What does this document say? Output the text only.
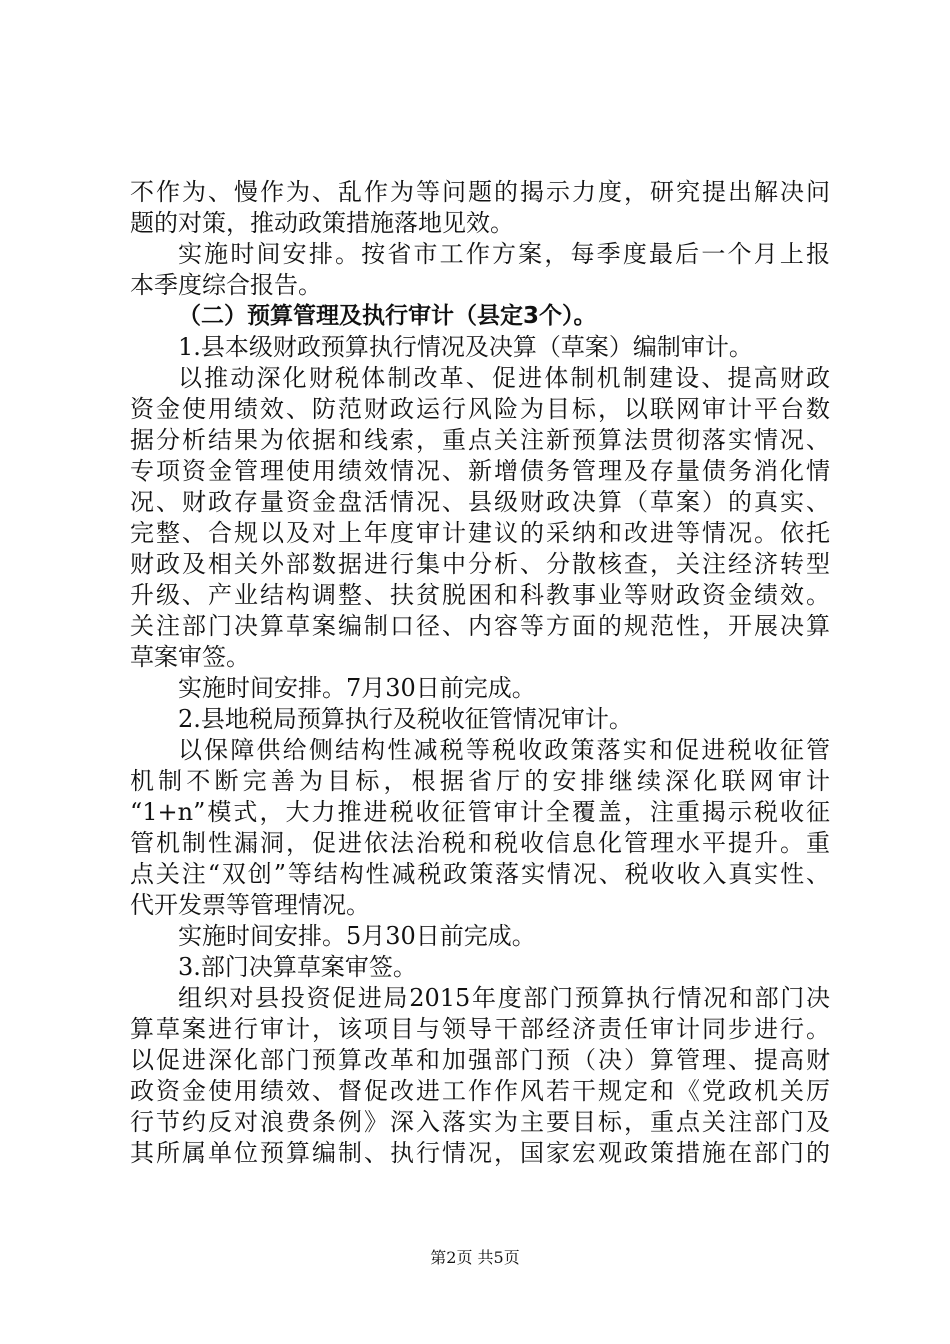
不作为、慢作为、乱作为等问题的揭示力度，研究提出解决问
题的对策，推动政策措施落地见效。
实施时间安排。按省市工作方案，每季度最后一个月上报
本季度综合报告。
（二）预算管理及执行审计（县定3个）。
1.县本级财政预算执行情况及决算（草案）编制审计。
以推动深化财税体制改革、促进体制机制建设、提高财政
资金使用绩效、防范财政运行风险为目标，以联网审计平台数
据分析结果为依据和线索，重点关注新预算法贯彻落实情况、
专项资金管理使用绩效情况、新增债务管理及存量债务消化情
况、财政存量资金盘活情况、县级财政决算（草案）的真实、
完整、合规以及对上年度审计建议的采纳和改进等情况。依托
财政及相关外部数据进行集中分析、分散核查，关注经济转型
升级、产业结构调整、扶贫脱困和科教事业等财政资金绩效。
关注部门决算草案编制口径、内容等方面的规范性，开展决算
草案审签。
实施时间安排。7月30日前完成。
2.县地税局预算执行及税收征管情况审计。
以保障供给侧结构性减税等税收政策落实和促进税收征管
机制不断完善为目标，根据省厅的安排继续深化联网审计
“1+n”模式，大力推进税收征管审计全覆盖，注重揭示税收征
管机制性漏洞，促进依法治税和税收信息化管理水平提升。重
点关注“双创”等结构性减税政策落实情况、税收收入真实性、
代开发票等管理情况。
实施时间安排。5月30日前完成。
3.部门决算草案审签。
组织对县投资促进局2015年度部门预算执行情况和部门决
算草案进行审计，该项目与领导干部经济责任审计同步进行。
以促进深化部门预算改革和加强部门预（决）算管理、提高财
政资金使用绩效、督促改进工作作风若干规定和《党政机关厉
行节约反对浪费条例》深入落实为主要目标，重点关注部门及
其所属单位预算编制、执行情况，国家宏观政策措施在部门的
第2页 共5页
